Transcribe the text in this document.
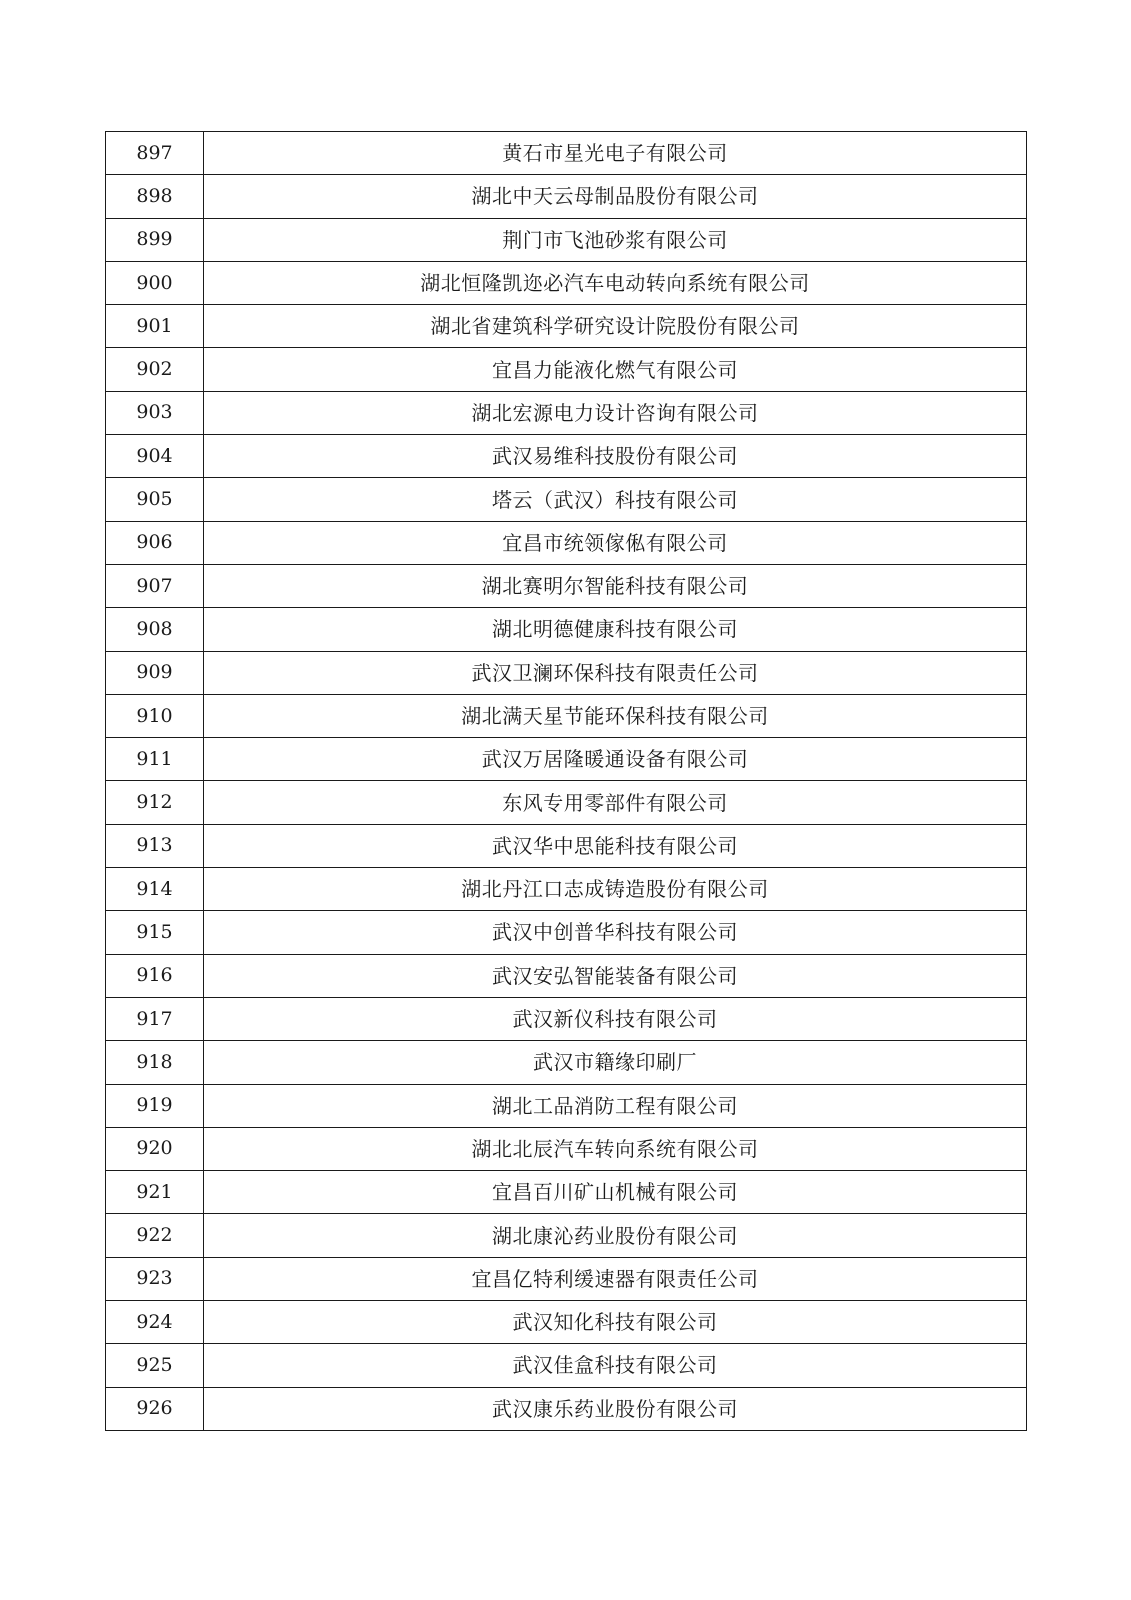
897	黄石市星光电子有限公司
898	湖北中天云母制品股份有限公司
899	荆门市飞池砂浆有限公司
900	湖北恒隆凯迩必汽车电动转向系统有限公司
901	湖北省建筑科学研究设计院股份有限公司
902	宜昌力能液化燃气有限公司
903	湖北宏源电力设计咨询有限公司
904	武汉易维科技股份有限公司
905	塔云（武汉）科技有限公司
906	宜昌市统领傢俬有限公司
907	湖北赛明尔智能科技有限公司
908	湖北明德健康科技有限公司
909	武汉卫澜环保科技有限责任公司
910	湖北满天星节能环保科技有限公司
911	武汉万居隆暖通设备有限公司
912	东风专用零部件有限公司
913	武汉华中思能科技有限公司
914	湖北丹江口志成铸造股份有限公司
915	武汉中创普华科技有限公司
916	武汉安弘智能装备有限公司
917	武汉新仪科技有限公司
918	武汉市籍缘印刷厂
919	湖北工品消防工程有限公司
920	湖北北辰汽车转向系统有限公司
921	宜昌百川矿山机械有限公司
922	湖北康沁药业股份有限公司
923	宜昌亿特利缓速器有限责任公司
924	武汉知化科技有限公司
925	武汉佳盒科技有限公司
926	武汉康乐药业股份有限公司
